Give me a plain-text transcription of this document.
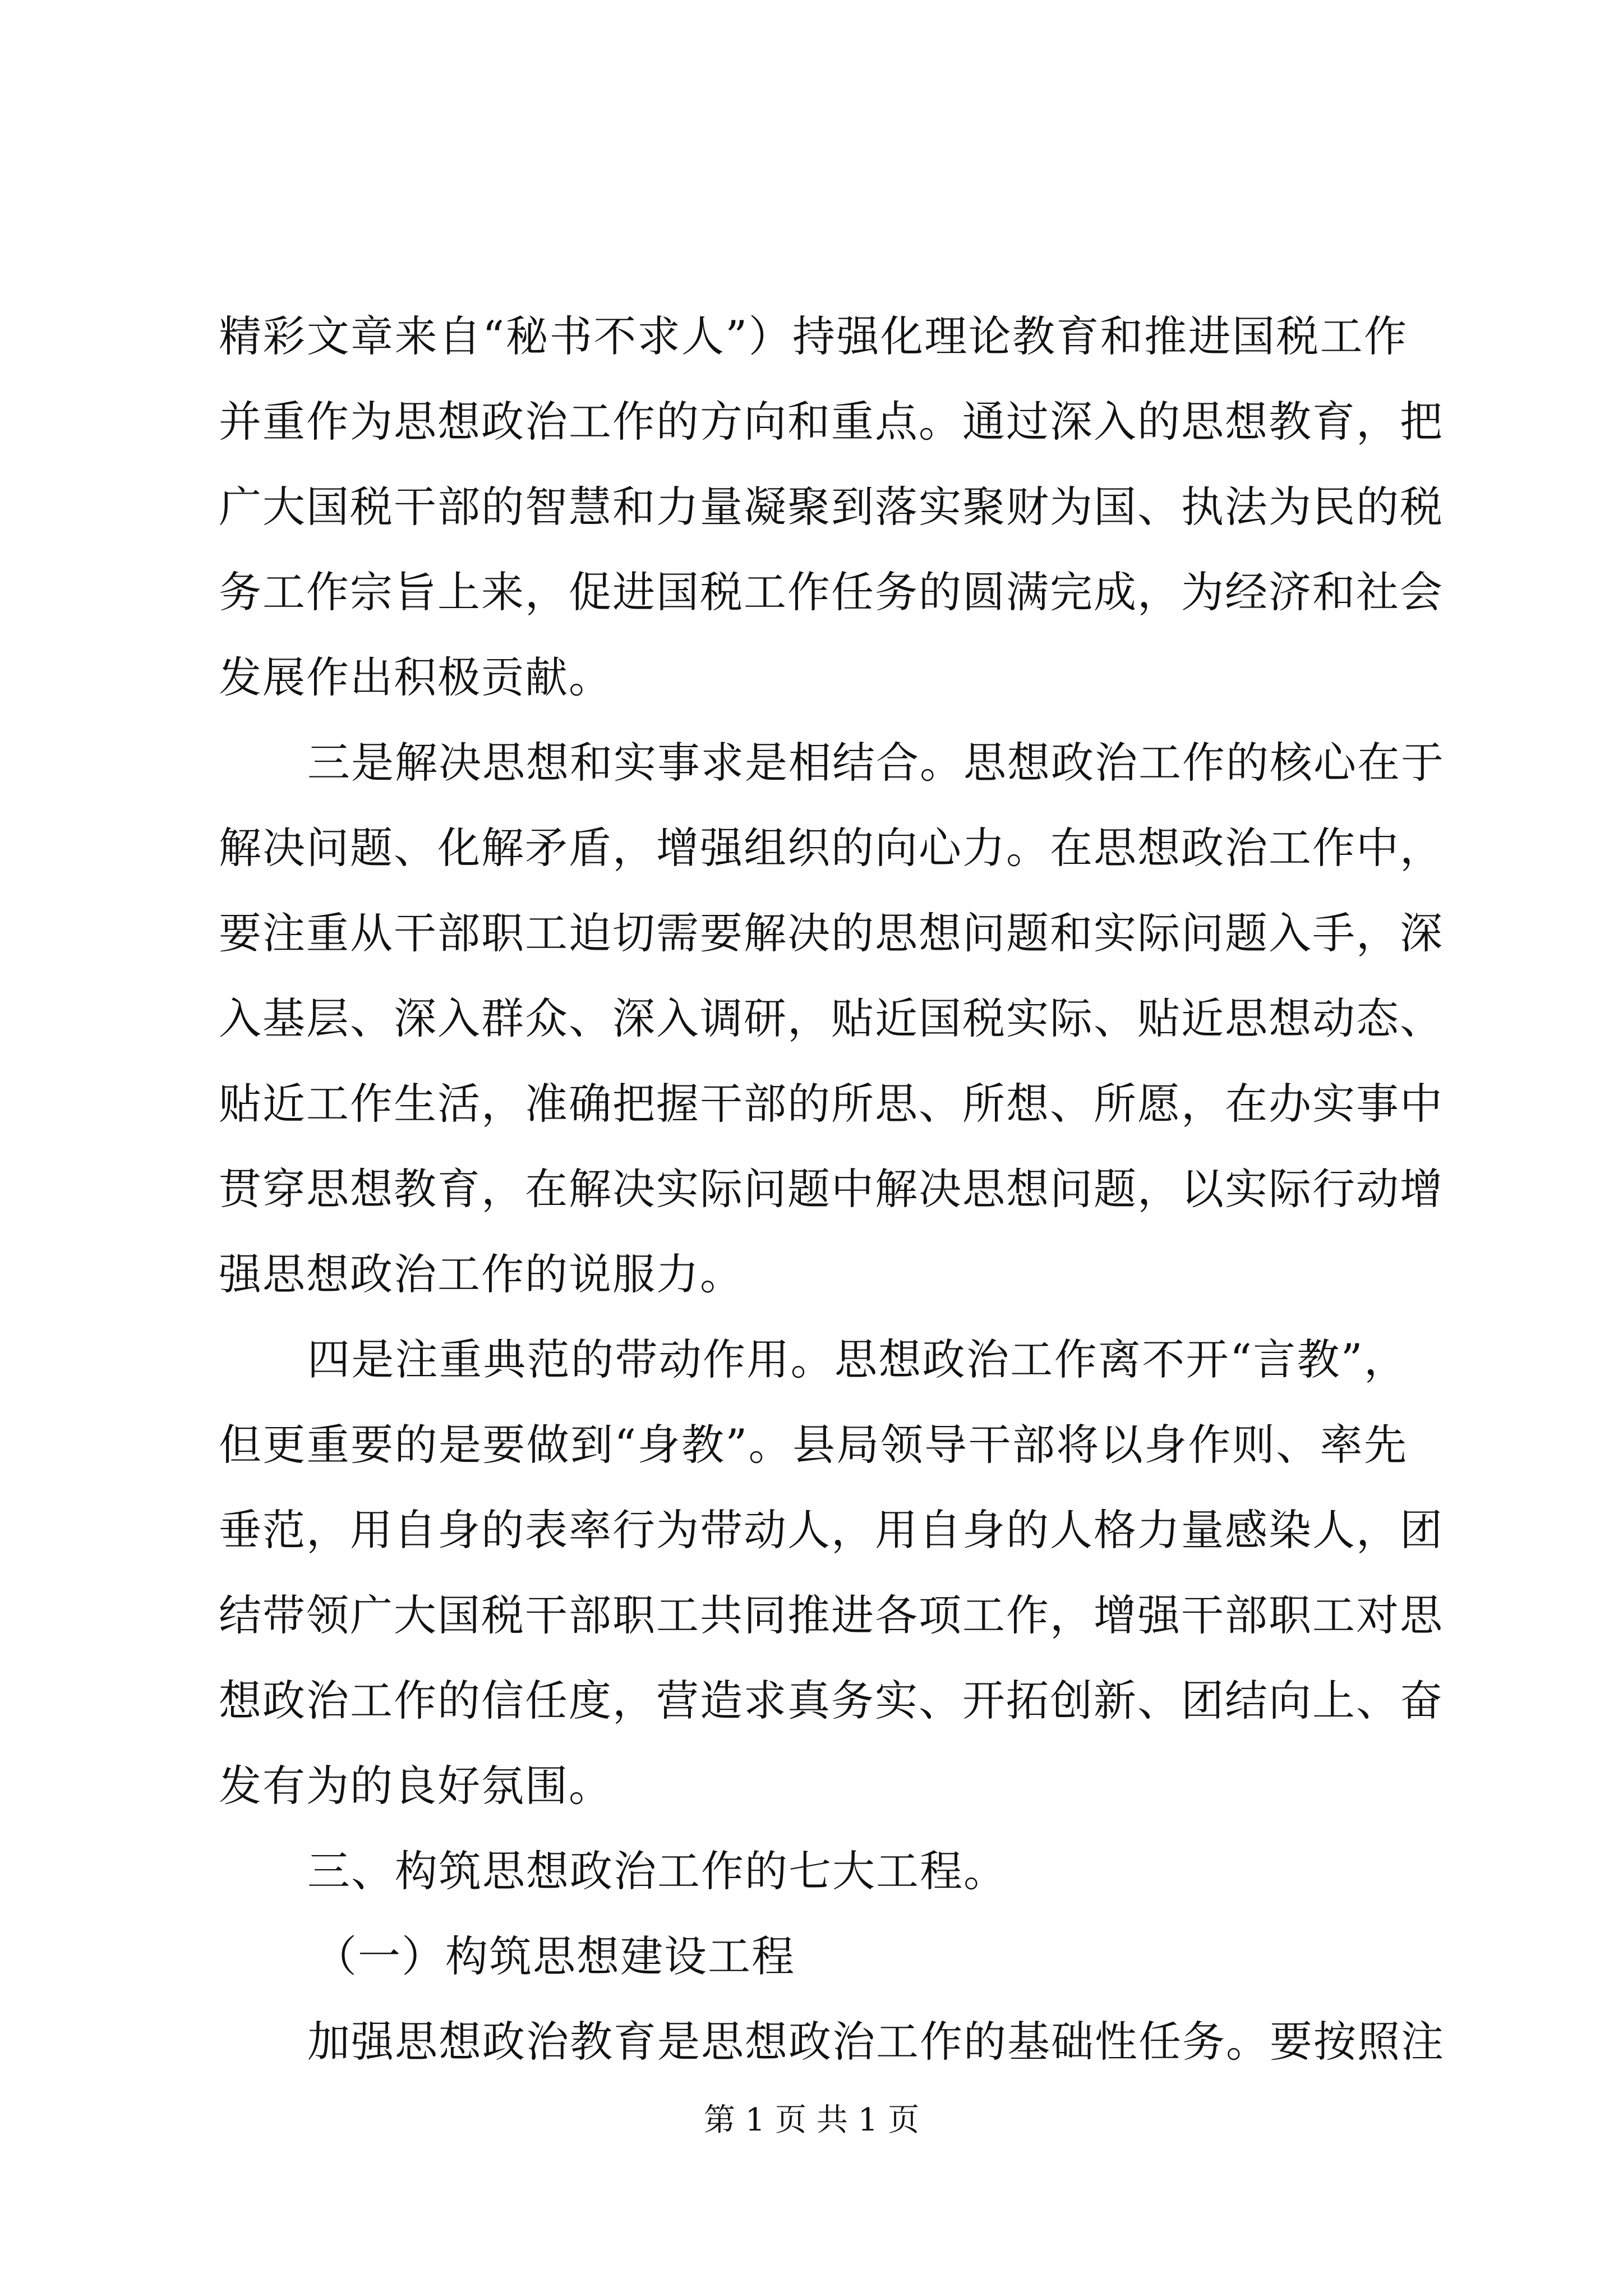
精彩文章来自“秘书不求人”）持强化理论教育和推进国税工作
并重作为思想政治工作的方向和重点。通过深入的思想教育，把
广大国税干部的智慧和力量凝聚到落实聚财为国、执法为民的税
务工作宗旨上来，促进国税工作任务的圆满完成，为经济和社会
发展作出积极贡献。
三是解决思想和实事求是相结合。思想政治工作的核心在于
解决问题、化解矛盾，增强组织的向心力。在思想政治工作中，
要注重从干部职工迫切需要解决的思想问题和实际问题入手，深
入基层、深入群众、深入调研，贴近国税实际、贴近思想动态、
贴近工作生活，准确把握干部的所思、所想、所愿，在办实事中
贯穿思想教育，在解决实际问题中解决思想问题，以实际行动增
强思想政治工作的说服力。
四是注重典范的带动作用。思想政治工作离不开“言教”，
但更重要的是要做到“身教”。县局领导干部将以身作则、率先
垂范，用自身的表率行为带动人，用自身的人格力量感染人，团
结带领广大国税干部职工共同推进各项工作，增强干部职工对思
想政治工作的信任度，营造求真务实、开拓创新、团结向上、奋
发有为的良好氛围。
三、构筑思想政治工作的七大工程。
（一）构筑思想建设工程
加强思想政治教育是思想政治工作的基础性任务。要按照注
第 1 页 共 1 页
